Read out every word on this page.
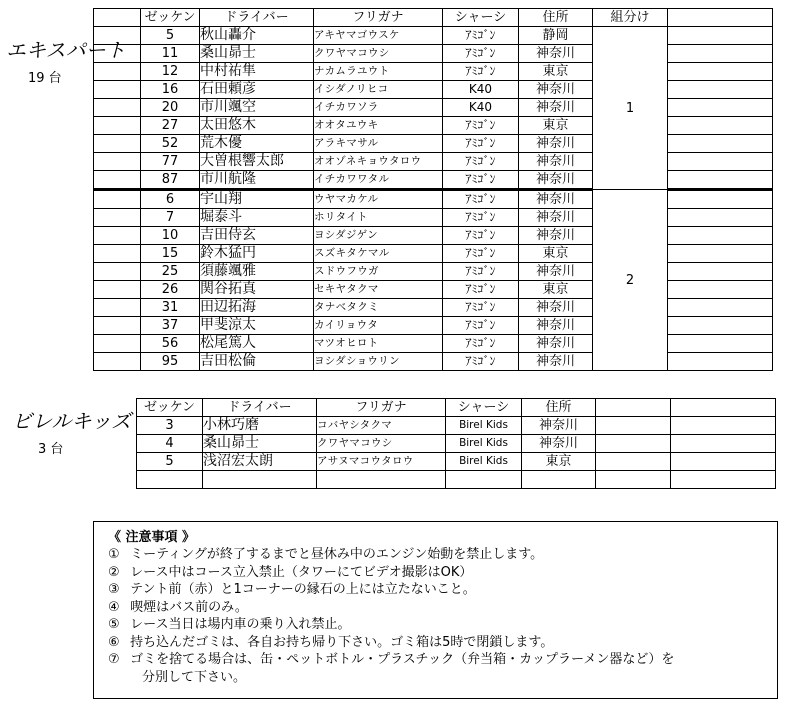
エキスパート
19 台
	ゼッケン	ドライバー	フリガナ	シャーシ	住所	組分け	
	5	秋山轟介	アキヤマゴウスケ	ｱﾐｺﾞﾝ	静岡	1	
	11	桑山昴士	クワヤマコウシ	ｱﾐｺﾞﾝ	神奈川		
	12	中村祐隼	ナカムラユウト	ｱﾐｺﾞﾝ	東京		
	16	石田頼彦	イシダノリヒコ	K40	神奈川		
	20	市川颯空	イチカワソラ	K40	神奈川		
	27	太田悠木	オオタユウキ	ｱﾐｺﾞﾝ	東京		
	52	荒木優	アラキマサル	ｱﾐｺﾞﾝ	神奈川		
	77	大曽根響太郎	オオゾネキョウタロウ	ｱﾐｺﾞﾝ	神奈川		
	87	市川航隆	イチカワワタル	ｱﾐｺﾞﾝ	神奈川		
	6	宇山翔	ウヤマカケル	ｱﾐｺﾞﾝ	神奈川	2	
	7	堀泰斗	ホリタイト	ｱﾐｺﾞﾝ	神奈川		
	10	吉田侍玄	ヨシダジゲン	ｱﾐｺﾞﾝ	神奈川		
	15	鈴木猛円	スズキタケマル	ｱﾐｺﾞﾝ	東京		
	25	須藤颯雅	スドウフウガ	ｱﾐｺﾞﾝ	神奈川		
	26	関谷拓真	セキヤタクマ	ｱﾐｺﾞﾝ	東京		
	31	田辺拓海	タナベタクミ	ｱﾐｺﾞﾝ	神奈川		
	37	甲斐涼太	カイリョウタ	ｱﾐｺﾞﾝ	神奈川		
	56	松尾篤人	マツオヒロト	ｱﾐｺﾞﾝ	神奈川		
	95	吉田松倫	ヨシダショウリン	ｱﾐｺﾞﾝ	神奈川		
ビレルキッズ
3 台
ゼッケン	ドライバー	フリガナ	シャーシ	住所		
3	小林巧磨	コバヤシタクマ	Birel Kids	神奈川		
4	桑山昴士	クワヤマコウシ	Birel Kids	神奈川		
5	浅沼宏太朗	アサヌマコウタロウ	Birel Kids	東京		

《 注意事項 》
① ミーティングが終了するまでと昼休み中のエンジン始動を禁止します。
② レース中はコース立入禁止（タワーにてビデオ撮影はOK）
③ テント前（赤）と1コーナーの縁石の上には立たないこと。
④ 喫煙はバス前のみ。
⑤ レース当日は場内車の乗り入れ禁止。
⑥ 持ち込んだゴミは、各自お持ち帰り下さい。ゴミ箱は5時で閉鎖します。
⑦ ゴミを捨てる場合は、缶・ペットボトル・プラスチック（弁当箱・カップラーメン器など）を
分別して下さい。
